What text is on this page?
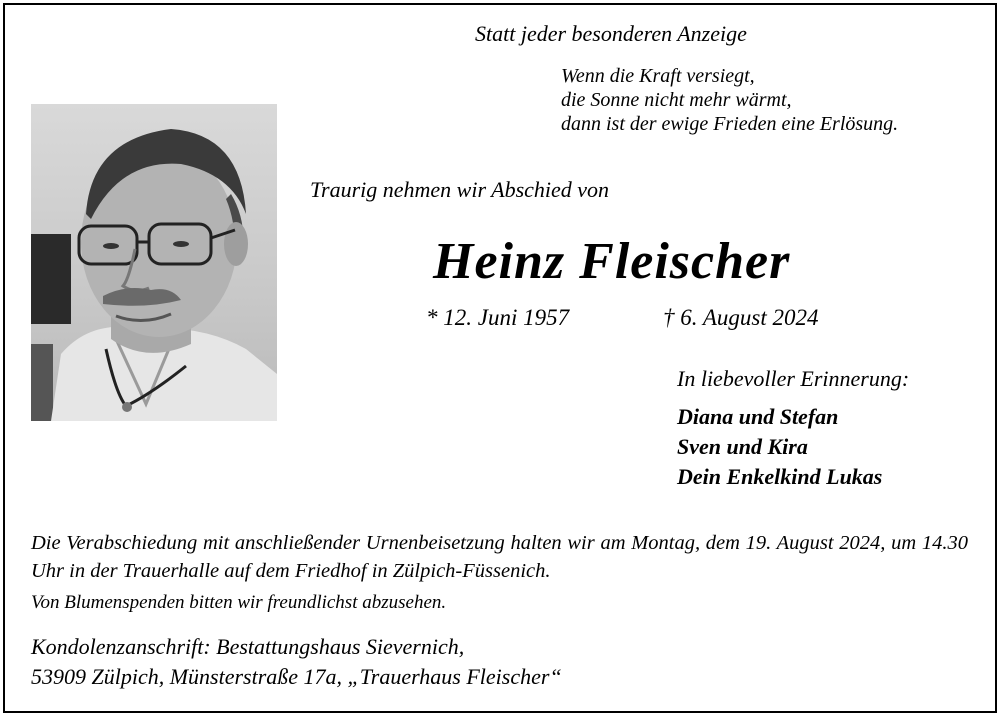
Statt jeder besonderen Anzeige
Wenn die Kraft versiegt,
die Sonne nicht mehr wärmt,
dann ist der ewige Frieden eine Erlösung.
Traurig nehmen wir Abschied von
Heinz Fleischer
* 12. Juni 1957	† 6. August 2024
In liebevoller Erinnerung:
Diana und Stefan
Sven und Kira
Dein Enkelkind Lukas
Die Verabschiedung mit anschließender Urnenbeisetzung halten wir am Montag, dem 19. August 2024, um 14.30 Uhr in der Trauerhalle auf dem Friedhof in Zülpich-Füssenich.
Von Blumenspenden bitten wir freundlichst abzusehen.
Kondolenzanschrift: Bestattungshaus Sievernich,
53909 Zülpich, Münsterstraße 17a, „Trauerhaus Fleischer“
